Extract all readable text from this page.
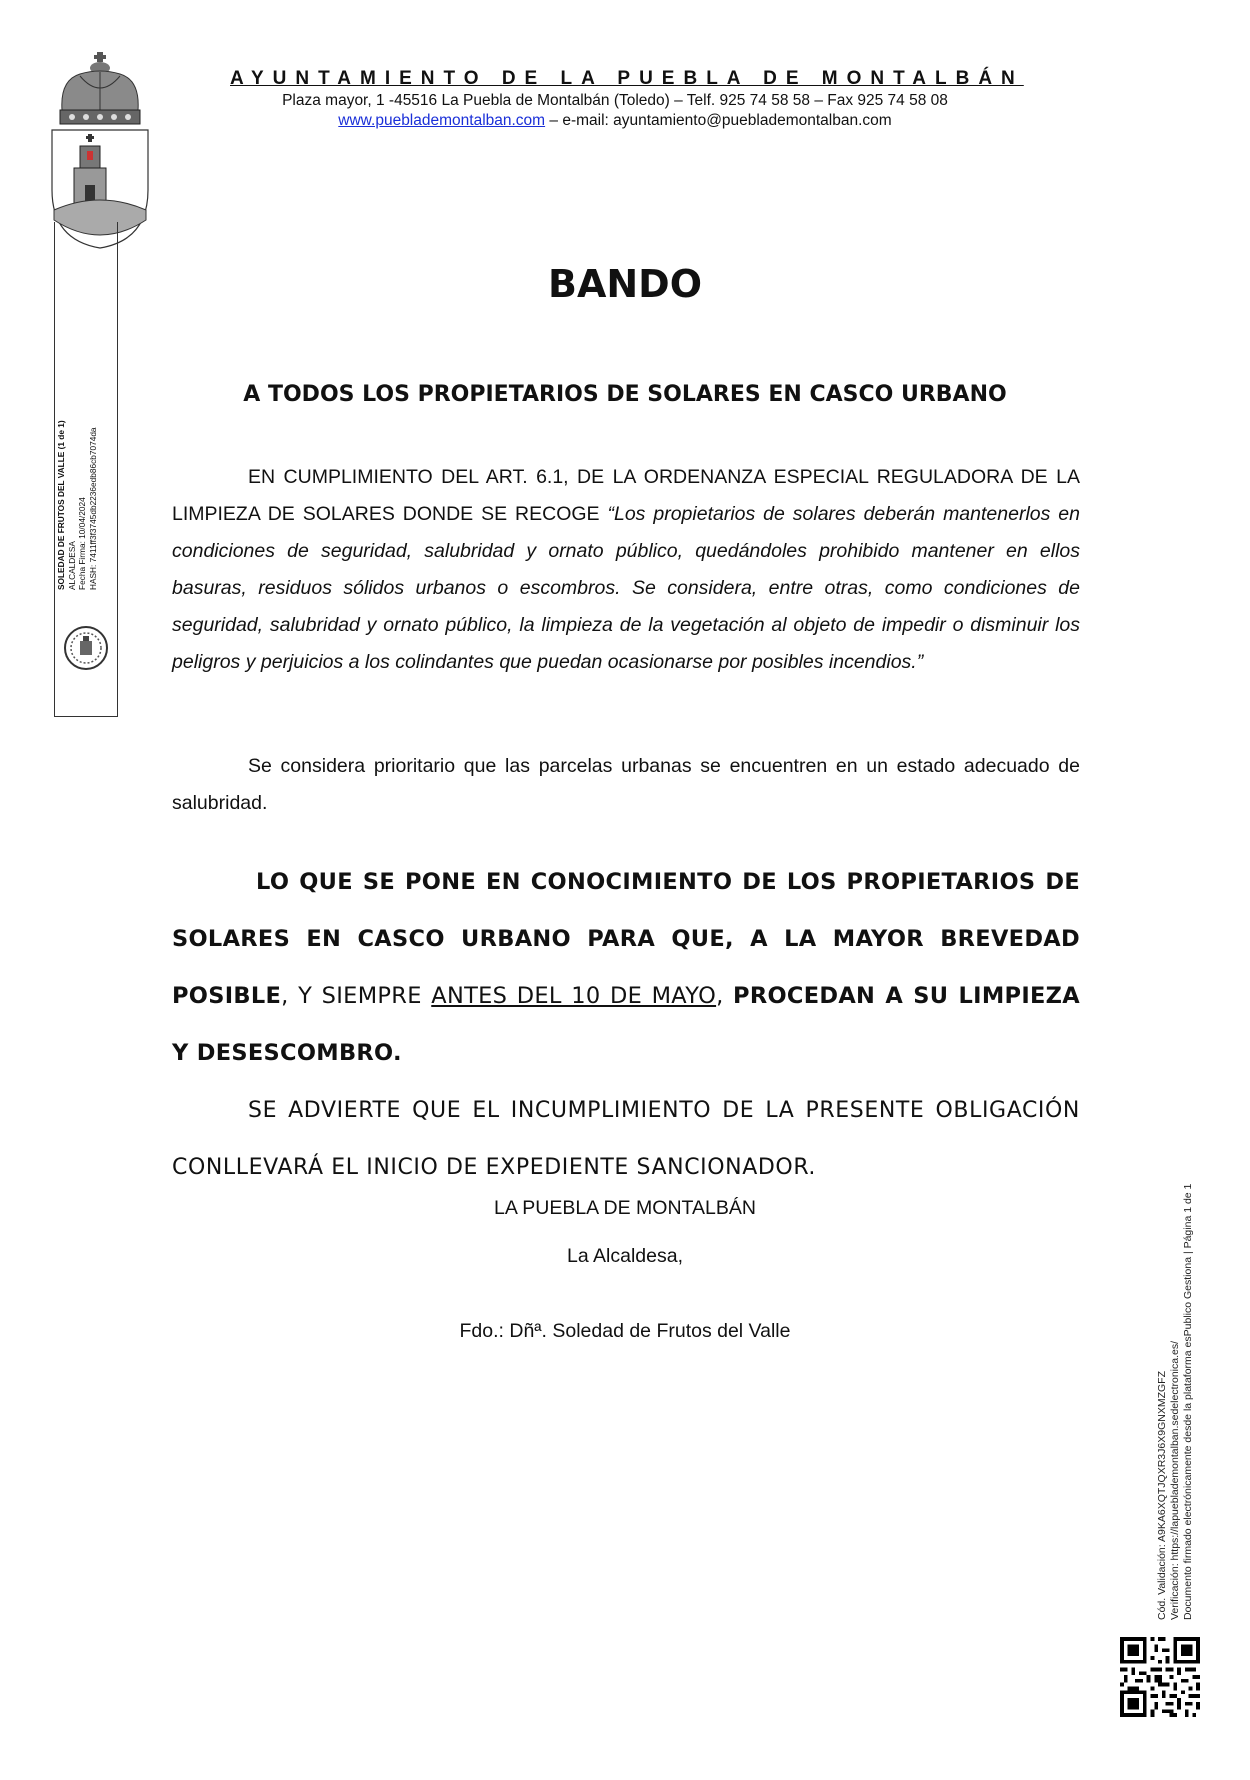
AYUNTAMIENTO DE LA PUEBLA DE MONTALBÁN
Plaza mayor, 1 -45516 La Puebla de Montalbán (Toledo) – Telf. 925 74 58 58 – Fax 925 74 58 08
www.pueblademontalban.com – e-mail: ayuntamiento@pueblademontalban.com
SOLEDAD DE FRUTOS DEL VALLE (1 de 1) ALCALDESA Fecha Firma: 10/04/2024 HASH: 7411ff3f3745db2236edb86cb7074da
BANDO
A TODOS LOS PROPIETARIOS DE SOLARES EN CASCO URBANO
EN CUMPLIMIENTO DEL ART. 6.1, DE LA ORDENANZA ESPECIAL REGULADORA DE LA LIMPIEZA DE SOLARES DONDE SE RECOGE “Los propietarios de solares deberán mantenerlos en condiciones de seguridad, salubridad y ornato público, quedándoles prohibido mantener en ellos basuras, residuos sólidos urbanos o escombros. Se considera, entre otras, como condiciones de seguridad, salubridad y ornato público, la limpieza de la vegetación al objeto de impedir o disminuir los peligros y perjuicios a los colindantes que puedan ocasionarse por posibles incendios.”
Se considera prioritario que las parcelas urbanas se encuentren en un estado adecuado de salubridad.
LO QUE SE PONE EN CONOCIMIENTO DE LOS PROPIETARIOS DE SOLARES EN CASCO URBANO PARA QUE, A LA MAYOR BREVEDAD POSIBLE, Y SIEMPRE ANTES DEL 10 DE MAYO, PROCEDAN A SU LIMPIEZA Y DESESCOMBRO.
SE ADVIERTE QUE EL INCUMPLIMIENTO DE LA PRESENTE OBLIGACIÓN CONLLEVARÁ EL INICIO DE EXPEDIENTE SANCIONADOR.
LA PUEBLA DE MONTALBÁN
La Alcaldesa,
Fdo.: Dñª. Soledad de Frutos del Valle
Cód. Validación: A9KA6XQTJQXR3J6X9GNXMZGFZ Verificación: https://lapueblademontalban.sedelectronica.es/ Documento firmado electrónicamente desde la plataforma esPublico Gestiona | Página 1 de 1
